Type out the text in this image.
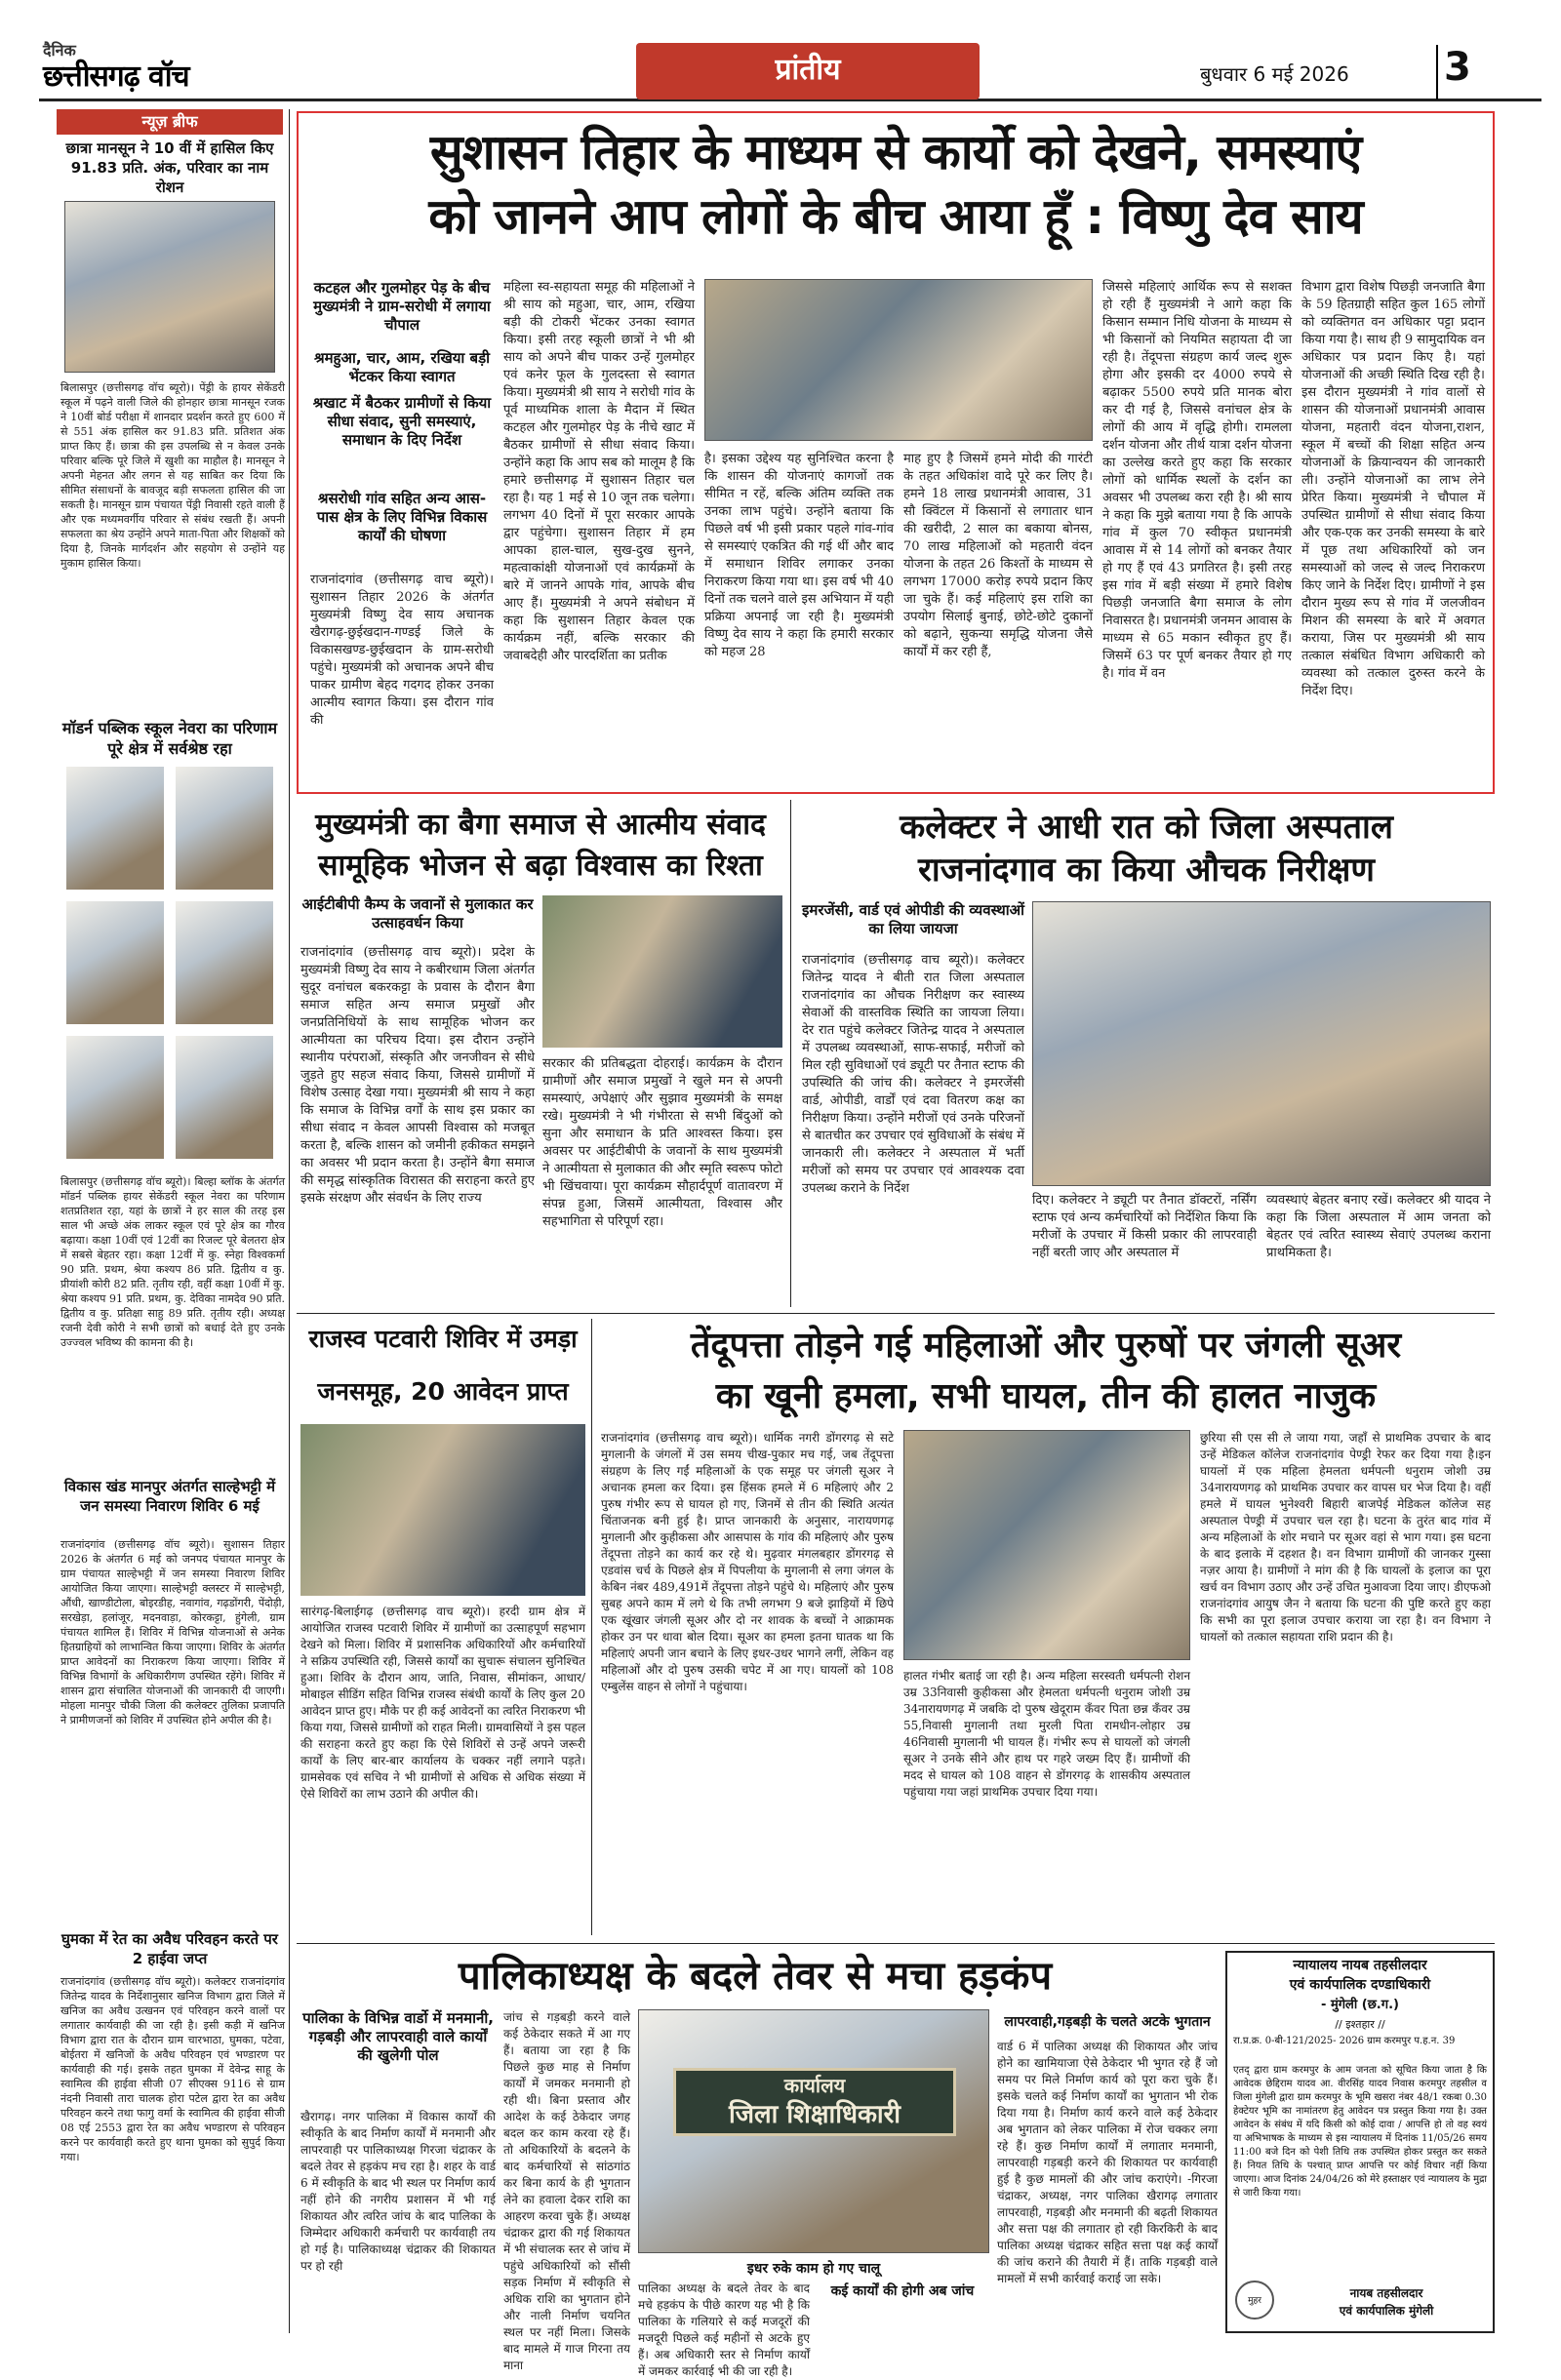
दैनिक
छत्तीसगढ़ वॉच	प्रांतीय	बुधवार 6 मई 2026 3
न्यूज़ ब्रीफ
छात्रा मानसून ने 10 वीं में हासिल किए 91.83 प्रति. अंक, परिवार का नाम रोशन
बिलासपुर (छत्तीसगढ़ वॉच ब्यूरो)। पेंड्री के हायर सेकेंडरी स्कूल में पढ़ने वाली जिले की होनहार छात्रा मानसून रजक ने 10वीं बोर्ड परीक्षा में शानदार प्रदर्शन करते हुए 600 में से 551 अंक हासिल कर 91.83 प्रति. प्रतिशत अंक प्राप्त किए हैं। छात्रा की इस उपलब्धि से न केवल उनके परिवार बल्कि पूरे जिले में खुशी का माहौल है। मानसून ने अपनी मेहनत और लगन से यह साबित कर दिया कि सीमित संसाधनों के बावजूद बड़ी सफलता हासिल की जा सकती है। मानसून ग्राम पंचायत पेंड्री निवासी रहते वाली हैं और एक मध्यमवर्गीय परिवार से संबंध रखती हैं। अपनी सफलता का श्रेय उन्होंने अपने माता-पिता और शिक्षकों को दिया है, जिनके मार्गदर्शन और सहयोग से उन्होंने यह मुकाम हासिल किया।
मॉडर्न पब्लिक स्कूल नेवरा का परिणाम पूरे क्षेत्र में सर्वश्रेष्ठ रहा
बिलासपुर (छत्तीसगढ़ वॉच ब्यूरो)। बिल्हा ब्लॉक के अंतर्गत मॉडर्न पब्लिक हायर सेकेंडरी स्कूल नेवरा का परिणाम शतप्रतिशत रहा, यहां के छात्रों ने हर साल की तरह इस साल भी अच्छे अंक लाकर स्कूल एवं पूरे क्षेत्र का गौरव बढ़ाया। कक्षा 10वीं एवं 12वीं का रिजल्ट पूरे बेलतरा क्षेत्र में सबसे बेहतर रहा। कक्षा 12वीं में कु. स्नेहा विश्वकर्मा 90 प्रति. प्रथम, श्रेया कश्यप 86 प्रति. द्वितीय व कु. प्रीयांशी कोरी 82 प्रति. तृतीय रही, वहीं कक्षा 10वीं में कु. श्रेया कश्यप 91 प्रति. प्रथम, कु. देविका नामदेव 90 प्रति. द्वितीय व कु. प्रतिक्षा साहु 89 प्रति. तृतीय रही। अध्यक्ष रजनी देवी कोरी ने सभी छात्रों को बधाई देते हुए उनके उज्ज्वल भविष्य की कामना की है।
विकास खंड मानपुर अंतर्गत साल्हेभट्टी में जन समस्या निवारण शिविर 6 मई
राजनांदगांव (छत्तीसगढ़ वॉच ब्यूरो)। सुशासन तिहार 2026 के अंतर्गत 6 मई को जनपद पंचायत मानपुर के ग्राम पंचायत साल्हेभट्टी में जन समस्या निवारण शिविर आयोजित किया जाएगा। साल्हेभट्टी क्लस्टर में साल्हेभट्टी, औंधी, खाण्डीटोला, बोइरडीह, नवागांव, गढ़डोंगरी, पेंदोड़ी, सरखेड़ा, हलांजूर, मदनवाड़ा, कोरकट्टा, हुंगेली, ग्राम पंचायत शामिल हैं। शिविर में विभिन्न योजनाओं से अनेक हितग्राहियों को लाभान्वित किया जाएगा। शिविर के अंतर्गत प्राप्त आवेदनों का निराकरण किया जाएगा। शिविर में विभिन्न विभागों के अधिकारीगण उपस्थित रहेंगे। शिविर में शासन द्वारा संचालित योजनाओं की जानकारी दी जाएगी। मोहला मानपुर चौकी जिला की कलेक्टर तुलिका प्रजापति ने प्रामीणजनों को शिविर में उपस्थित होने अपील की है।
घुमका में रेत का अवैध परिवहन करते पर 2 हाईवा जप्त
राजनांदगांव (छत्तीसगढ़ वॉच ब्यूरो)। कलेक्टर राजनांदगांव जितेन्द्र यादव के निर्देशानुसार खनिज विभाग द्वारा जिले में खनिज का अवैध उत्खनन एवं परिवहन करने वालों पर लगातार कार्यवाही की जा रही है। इसी कड़ी में खनिज विभाग द्वारा रात के दौरान ग्राम चारभाठा, घुमका, पटेवा, बोईतरा में खनिजों के अवैध परिवहन एवं भण्डारण पर कार्यवाही की गई। इसके तहत घुमका में देवेन्द्र साहू के स्वामित्व की हाईवा सीजी 07 सीएक्स 9116 से ग्राम नंदनी निवासी तारा चालक होरा पटेल द्वारा रेत का अवैध परिवहन करने तथा फागु वर्मा के स्वामित्व की हाईवा सीजी 08 एई 2553 द्वारा रेत का अवैध भण्डारण से परिवहन करने पर कार्यवाही करते हुए थाना घुमका को सुपुर्द किया गया।
सुशासन तिहार के माध्यम से कार्यो को देखने, समस्याएं
को जानने आप लोगों के बीच आया हूँ : विष्णु देव साय
कटहल और गुलमोहर पेड़ के बीच मुख्यमंत्री ने ग्राम-सरोधी में लगाया चौपाल
श्रमहुआ, चार, आम, रखिया बड़ी भेंटकर किया स्वागत
श्रखाट में बैठकर ग्रामीणों से किया सीधा संवाद, सुनी समस्याएं, समाधान के दिए निर्देश
श्रसरोधी गांव सहित अन्य आस-पास क्षेत्र के लिए विभिन्न विकास कार्यों की घोषणा
राजनांदगांव (छत्तीसगढ़ वाच ब्यूरो)। सुशासन तिहार 2026 के अंतर्गत मुख्यमंत्री विष्णु देव साय अचानक खैरागढ़-छुईखदान-गण्डई जिले के विकासखण्ड-छुईखदान के ग्राम-सरोधी पहुंचे। मुख्यमंत्री को अचानक अपने बीच पाकर ग्रामीण बेहद गदगद होकर उनका आत्मीय स्वागत किया। इस दौरान गांव की
महिला स्व-सहायता समूह की महिलाओं ने श्री साय को महुआ, चार, आम, रखिया बड़ी की टोकरी भेंटकर उनका स्वागत किया। इसी तरह स्कूली छात्रों ने भी श्री साय को अपने बीच पाकर उन्हें गुलमोहर एवं कनेर फूल के गुलदस्ता से स्वागत किया। मुख्यमंत्री श्री साय ने सरोधी गांव के पूर्व माध्यमिक शाला के मैदान में स्थित कटहल और गुलमोहर पेड़ के नीचे खाट में बैठकर ग्रामीणों से सीधा संवाद किया। उन्होंने कहा कि आप सब को मालूम है कि हमारे छत्तीसगढ़ में सुशासन तिहार चल रहा है। यह 1 मई से 10 जून तक चलेगा। लगभग 40 दिनों में पूरा सरकार आपके द्वार पहुंचेगा। सुशासन तिहार में हम आपका हाल-चाल, सुख-दुख सुनने, महत्वाकांक्षी योजनाओं एवं कार्यक्रमों के बारे में जानने आपके गांव, आपके बीच आए हैं। मुख्यमंत्री ने अपने संबोधन में कहा कि सुशासन तिहार केवल एक कार्यक्रम नहीं, बल्कि सरकार की जवाबदेही और पारदर्शिता का प्रतीक
है। इसका उद्देश्य यह सुनिश्चित करना है कि शासन की योजनाएं कागजों तक सीमित न रहें, बल्कि अंतिम व्यक्ति तक उनका लाभ पहुंचे। उन्होंने बताया कि पिछले वर्ष भी इसी प्रकार पहले गांव-गांव से समस्याएं एकत्रित की गई थीं और बाद में समाधान शिविर लगाकर उनका निराकरण किया गया था। इस वर्ष भी 40 दिनों तक चलने वाले इस अभियान में यही प्रक्रिया अपनाई जा रही है। मुख्यमंत्री विष्णु देव साय ने कहा कि हमारी सरकार को महज 28
माह हुए है जिसमें हमने मोदी की गारंटी के तहत अधिकांश वादे पूरे कर लिए है। हमने 18 लाख प्रधानमंत्री आवास, 31 सौ क्विंटल में किसानों से लगातार धान की खरीदी, 2 साल का बकाया बोनस, 70 लाख महिलाओं को महतारी वंदन योजना के तहत 26 किश्तों के माध्यम से लगभग 17000 करोड़ रुपये प्रदान किए जा चुके हैं। कई महिलाएं इस राशि का उपयोग सिलाई बुनाई, छोटे-छोटे दुकानों को बढ़ाने, सुकन्या समृद्धि योजना जैसे कार्यों में कर रही हैं,
जिससे महिलाएं आर्थिक रूप से सशक्त हो रही हैं मुख्यमंत्री ने आगे कहा कि किसान सम्मान निधि योजना के माध्यम से भी किसानों को नियमित सहायता दी जा रही है। तेंदूपत्ता संग्रहण कार्य जल्द शुरू होगा और इसकी दर 4000 रुपये से बढ़ाकर 5500 रुपये प्रति मानक बोरा कर दी गई है, जिससे वनांचल क्षेत्र के लोगों की आय में वृद्धि होगी। रामलला दर्शन योजना और तीर्थ यात्रा दर्शन योजना का उल्लेख करते हुए कहा कि सरकार लोगों को धार्मिक स्थलों के दर्शन का अवसर भी उपलब्ध करा रही है। श्री साय ने कहा कि मुझे बताया गया है कि आपके गांव में कुल 70 स्वीकृत प्रधानमंत्री आवास में से 14 लोगों को बनकर तैयार हो गए हैं एवं 43 प्रगतिरत है। इसी तरह इस गांव में बड़ी संख्या में हमारे विशेष पिछड़ी जनजाति बैगा समाज के लोग निवासरत है। प्रधानमंत्री जनमन आवास के माध्यम से 65 मकान स्वीकृत हुए हैं। जिसमें 63 पर पूर्ण बनकर तैयार हो गए है। गांव में वन
विभाग द्वारा विशेष पिछड़ी जनजाति बैगा के 59 हितग्राही सहित कुल 165 लोगों को व्यक्तिगत वन अधिकार पट्टा प्रदान किया गया है। साथ ही 9 सामुदायिक वन अधिकार पत्र प्रदान किए है। यहां योजनाओं की अच्छी स्थिति दिख रही है। इस दौरान मुख्यमंत्री ने गांव वालों से शासन की योजनाओं प्रधानमंत्री आवास योजना, महतारी वंदन योजना,राशन, स्कूल में बच्चों की शिक्षा सहित अन्य योजनाओं के क्रियान्वयन की जानकारी ली। उन्होंने योजनाओं का लाभ लेने प्रेरित किया। मुख्यमंत्री ने चौपाल में उपस्थित ग्रामीणों से सीधा संवाद किया और एक-एक कर उनकी समस्या के बारे में पूछ तथा अधिकारियों को जन समस्याओं को जल्द से जल्द निराकरण किए जाने के निर्देश दिए। ग्रामीणों ने इस दौरान मुख्य रूप से गांव में जलजीवन मिशन की समस्या के बारे में अवगत कराया, जिस पर मुख्यमंत्री श्री साय तत्काल संबंधित विभाग अधिकारी को व्यवस्था को तत्काल दुरुस्त करने के निर्देश दिए।
मुख्यमंत्री का बैगा समाज से आत्मीय संवाद
सामूहिक भोजन से बढ़ा विश्वास का रिश्ता
आईटीबीपी कैम्प के जवानों से मुलाकात कर उत्साहवर्धन किया
राजनांदगांव (छत्तीसगढ़ वाच ब्यूरो)। प्रदेश के मुख्यमंत्री विष्णु देव साय ने कबीरधाम जिला अंतर्गत सुदूर वनांचल बकरकट्टा के प्रवास के दौरान बैगा समाज सहित अन्य समाज प्रमुखों और जनप्रतिनिधियों के साथ सामूहिक भोजन कर आत्मीयता का परिचय दिया। इस दौरान उन्होंने स्थानीय परंपराओं, संस्कृति और जनजीवन से सीधे जुड़ते हुए सहज संवाद किया, जिससे ग्रामीणों में विशेष उत्साह देखा गया। मुख्यमंत्री श्री साय ने कहा कि समाज के विभिन्न वर्गों के साथ इस प्रकार का सीधा संवाद न केवल आपसी विश्वास को मजबूत करता है, बल्कि शासन को जमीनी हकीकत समझने का अवसर भी प्रदान करता है। उन्होंने बैगा समाज की समृद्ध सांस्कृतिक विरासत की सराहना करते हुए इसके संरक्षण और संवर्धन के लिए राज्य
सरकार की प्रतिबद्धता दोहराई। कार्यक्रम के दौरान ग्रामीणों और समाज प्रमुखों ने खुले मन से अपनी समस्याएं, अपेक्षाएं और सुझाव मुख्यमंत्री के समक्ष रखे। मुख्यमंत्री ने भी गंभीरता से सभी बिंदुओं को सुना और समाधान के प्रति आश्वस्त किया। इस अवसर पर आईटीबीपी के जवानों के साथ मुख्यमंत्री ने आत्मीयता से मुलाकात की और स्मृति स्वरूप फोटो भी खिंचवाया। पूरा कार्यक्रम सौहार्दपूर्ण वातावरण में संपन्न हुआ, जिसमें आत्मीयता, विश्वास और सहभागिता से परिपूर्ण रहा।
कलेक्टर ने आधी रात को जिला अस्पताल
राजनांदगाव का किया औचक निरीक्षण
इमरजेंसी, वार्ड एवं ओपीडी की व्यवस्थाओं का लिया जायजा
राजनांदगांव (छत्तीसगढ़ वाच ब्यूरो)। कलेक्टर जितेन्द्र यादव ने बीती रात जिला अस्पताल राजनांदगांव का औचक निरीक्षण कर स्वास्थ्य सेवाओं की वास्तविक स्थिति का जायजा लिया। देर रात पहुंचे कलेक्टर जितेन्द्र यादव ने अस्पताल में उपलब्ध व्यवस्थाओं, साफ-सफाई, मरीजों को मिल रही सुविधाओं एवं ड्यूटी पर तैनात स्टाफ की उपस्थिति की जांच की। कलेक्टर ने इमरजेंसी वार्ड, ओपीडी, वार्डों एवं दवा वितरण कक्ष का निरीक्षण किया। उन्होंने मरीजों एवं उनके परिजनों से बातचीत कर उपचार एवं सुविधाओं के संबंध में जानकारी ली। कलेक्टर ने अस्पताल में भर्ती मरीजों को समय पर उपचार एवं आवश्यक दवा उपलब्ध कराने के निर्देश
दिए। कलेक्टर ने ड्यूटी पर तैनात डॉक्टरों, नर्सिंग स्टाफ एवं अन्य कर्मचारियों को निर्देशित किया कि मरीजों के उपचार में किसी प्रकार की लापरवाही नहीं बरती जाए और अस्पताल में
व्यवस्थाएं बेहतर बनाए रखें। कलेक्टर श्री यादव ने कहा कि जिला अस्पताल में आम जनता को बेहतर एवं त्वरित स्वास्थ्य सेवाएं उपलब्ध कराना प्राथमिकता है।
राजस्व पटवारी शिविर में उमड़ा
जनसमूह, 20 आवेदन प्राप्त
सारंगढ़-बिलाईगढ़ (छत्तीसगढ़ वाच ब्यूरो)। हरदी ग्राम क्षेत्र में आयोजित राजस्व पटवारी शिविर में ग्रामीणों का उत्साहपूर्ण सहभाग देखने को मिला। शिविर में प्रशासनिक अधिकारियों और कर्मचारियों ने सक्रिय उपस्थिति रही, जिससे कार्यों का सुचारू संचालन सुनिश्चित हुआ। शिविर के दौरान आय, जाति, निवास, सीमांकन, आधार/मोबाइल सीडिंग सहित विभिन्न राजस्व संबंधी कार्यों के लिए कुल 20 आवेदन प्राप्त हुए। मौके पर ही कई आवेदनों का त्वरित निराकरण भी किया गया, जिससे ग्रामीणों को राहत मिली। ग्रामवासियों ने इस पहल की सराहना करते हुए कहा कि ऐसे शिविरों से उन्हें अपने जरूरी कार्यों के लिए बार-बार कार्यालय के चक्कर नहीं लगाने पड़ते। ग्रामसेवक एवं सचिव ने भी ग्रामीणों से अधिक से अधिक संख्या में ऐसे शिविरों का लाभ उठाने की अपील की।
तेंदूपत्ता तोड़ने गई महिलाओं और पुरुषों पर जंगली सूअर
का खूनी हमला, सभी घायल, तीन की हालत नाजुक
राजनांदगांव (छत्तीसगढ़ वाच ब्यूरो)। धार्मिक नगरी डोंगरगढ़ से सटे मुगलानी के जंगलों में उस समय चीख-पुकार मच गई, जब तेंदूपत्ता संग्रहण के लिए गईं महिलाओं के एक समूह पर जंगली सूअर ने अचानक हमला कर दिया। इस हिंसक हमले में 6 महिलाएं और 2 पुरुष गंभीर रूप से घायल हो गए, जिनमें से तीन की स्थिति अत्यंत चिंताजनक बनी हुई है। प्राप्त जानकारी के अनुसार, नारायणगढ़ मुगलानी और कुहीकसा और आसपास के गांव की महिलाएं और पुरुष तेंदूपत्ता तोड़ने का कार्य कर रहे थे। मुढ़वार मंगलबहार डोंगरगढ़ से एडवांस चर्च के पिछले क्षेत्र में पिपलीया के मुगलानी से लगा जंगल के केबिन नंबर 489,491में तेंदूपत्ता तोड़ने पहुंचे थे। महिलाएं और पुरुष सुबह अपने काम में लगे थे कि तभी लगभग 9 बजे झाड़ियों में छिपे एक खूंखार जंगली सूअर और दो नर शावक के बच्चों ने आक्रामक होकर उन पर धावा बोल दिया। सूअर का हमला इतना घातक था कि महिलाएं अपनी जान बचाने के लिए इधर-उधर भागने लगीं, लेकिन वह महिलाओं और दो पुरुष उसकी चपेट में आ गए। घायलों को 108 एम्बुलेंस वाहन से लोगों ने पहुंचाया।
हालत गंभीर बताई जा रही है। अन्य महिला सरस्वती धर्मपत्नी रोशन उम्र 33निवासी कुहीकसा और हेमलता धर्मपत्नी धनुराम जोशी उम्र 34नारायणगढ़ में जबकि दो पुरुष खेदूराम कँवर पिता छन्न कँवर उम्र 55,निवासी मुगलानी तथा मुरली पिता रामधीन-लोहार उम्र 46निवासी मुगलानी भी घायल हैं। गंभीर रूप से घायलों को जंगली सूअर ने उनके सीने और हाथ पर गहरे जख्म दिए हैं। ग्रामीणों की मदद से घायल को 108 वाहन से डोंगरगढ़ के शासकीय अस्पताल पहुंचाया गया जहां प्राथमिक उपचार दिया गया।
छुरिया सी एस सी ले जाया गया, जहाँ से प्राथमिक उपचार के बाद उन्हें मेडिकल कॉलेज राजनांदगांव पेण्ड्री रेफर कर दिया गया है।इन घायलों में एक महिला हेमलता धर्मपत्नी धनुराम जोशी उम्र 34नारायणगढ़ को प्राथमिक उपचार कर वापस घर भेज दिया है। वहीं हमले में घायल भुनेश्वरी बिहारी बाजपेई मेडिकल कॉलेज सह अस्पताल पेण्ड्री में उपचार चल रहा है। घटना के तुरंत बाद गांव में अन्य महिलाओं के शोर मचाने पर सूअर वहां से भाग गया। इस घटना के बाद इलाके में दहशत है। वन विभाग ग्रामीणों की जानकर गुस्सा नज़र आया है। ग्रामीणों ने मांग की है कि घायलों के इलाज का पूरा खर्च वन विभाग उठाए और उन्हें उचित मुआवजा दिया जाए। डीएफओ राजनांदगांव आयुष जैन ने बताया कि घटना की पुष्टि करते हुए कहा कि सभी का पूरा इलाज उपचार कराया जा रहा है। वन विभाग ने घायलों को तत्काल सहायता राशि प्रदान की है।
पालिकाध्यक्ष के बदले तेवर से मचा हड़कंप
पालिका के विभिन्न वार्डो में मनमानी, गड़बड़ी और लापरवाही वाले कार्यों की खुलेगी पोल
खैरागढ़। नगर पालिका में विकास कार्यों की स्वीकृति के बाद निर्माण कार्यों में मनमानी और लापरवाही पर पालिकाध्यक्ष गिरजा चंद्राकर के बदले तेवर से हड़कंप मच रहा है। शहर के वार्ड 6 में स्वीकृति के बाद भी स्थल पर निर्माण कार्य नहीं होने की नगरीय प्रशासन में भी गई शिकायत और त्वरित जांच के बाद पालिका के जिम्मेदार अधिकारी कर्मचारी पर कार्यवाही तय हो गई है। पालिकाध्यक्ष चंद्राकर की शिकायत पर हो रही
जांच से गड़बड़ी करने वाले कई ठेकेदार सकते में आ गए हैं। बताया जा रहा है कि पिछले कुछ माह से निर्माण कार्यों में जमकर मनमानी हो रही थी। बिना प्रस्ताव और आदेश के कई ठेकेदार जगह बदल कर काम करवा रहे हैं। तो अधिकारियों के बदलने के बाद कर्मचारियों से सांठगांठ कर बिना कार्य के ही भुगतान लेने का हवाला देकर राशि का आहरण करवा चुके हैं। अध्यक्ष चंद्राकर द्वारा की गई शिकायत में भी संचालक स्तर से जांच में पहुंचे अधिकारियों को सौंसी सड़क निर्माण में स्वीकृति से अधिक राशि का भुगतान होने और नाली निर्माण चयनित स्थल पर नहीं मिला। जिसके बाद मामले में गाज गिरना तय माना
कार्यालय
जिला शिक्षाधिकारी
इधर रुके काम हो गए चालू
पालिका अध्यक्ष के बदले तेवर के बाद मचे हड़कंप के पीछे कारण यह भी है कि पालिका के गलियारे से कई मजदूरों की मजदूरी पिछले कई महीनों से अटके हुए हैं। अब अधिकारी स्तर से निर्माण कार्यों में जमकर कार्रवाई भी की जा रही है।
कई कार्यों की होगी अब जांच
लापरवाही,गड़बड़ी के चलते अटके भुगतान
वार्ड 6 में पालिका अध्यक्ष की शिकायत और जांच होने का खामियाजा ऐसे ठेकेदार भी भुगत रहे हैं जो समय पर मिले निर्माण कार्य को पूरा करा चुके हैं। इसके चलते कई निर्माण कार्यों का भुगतान भी रोक दिया गया है। निर्माण कार्य करने वाले कई ठेकेदार अब भुगतान को लेकर पालिका में रोज चक्कर लगा रहे हैं। कुछ निर्माण कार्यों में लगातार मनमानी, लापरवाही गड़बड़ी करने की शिकायत पर कार्यवाही हुई है कुछ मामलों की और जांच कराएंगे। -गिरजा चंद्राकर, अध्यक्ष, नगर पालिका खैरागढ़ लगातार लापरवाही, गड़बड़ी और मनमानी की बढ़ती शिकायत और सत्ता पक्ष की लगातार हो रही किरकिरी के बाद पालिका अध्यक्ष चंद्राकर सहित सत्ता पक्ष कई कार्यों की जांच कराने की तैयारी में हैं। ताकि गड़बड़ी वाले मामलों में सभी कार्रवाई कराई जा सके।
न्यायालय नायब तहसीलदार
एवं कार्यपालिक दण्डाधिकारी
- मुंगेली (छ.ग.)
// इश्तहार //
रा.प्र.क्र. 0-बी-121/2025- 2026 ग्राम करमपुर प.ह.न. 39
एतद् द्वारा ग्राम करमपुर के आम जनता को सूचित किया जाता है कि आवेदक छेद्दिराम यादव आ. वीरसिंह यादव निवास करमपुर तहसील व जिला मुंगेली द्वारा ग्राम करमपुर के भूमि खसरा नंबर 48/1 रकबा 0.30 हेक्टेयर भूमि का नामांतरण हेतु आवेदन पत्र प्रस्तुत किया गया है। उक्त आवेदन के संबंध में यदि किसी को कोई दावा / आपत्ति हो तो वह स्वयं या अभिभाषक के माध्यम से इस न्यायालय में दिनांक 11/05/26 समय 11:00 बजे दिन को पेशी तिथि तक उपस्थित होकर प्रस्तुत कर सकते हैं। नियत तिथि के पश्चात् प्राप्त आपत्ति पर कोई विचार नहीं किया जाएगा। आज दिनांक 24/04/26 को मेरे हस्ताक्षर एवं न्यायालय के मुद्रा से जारी किया गया।
मुहर
नायब तहसीलदार
एवं कार्यपालिक मुंगेली
